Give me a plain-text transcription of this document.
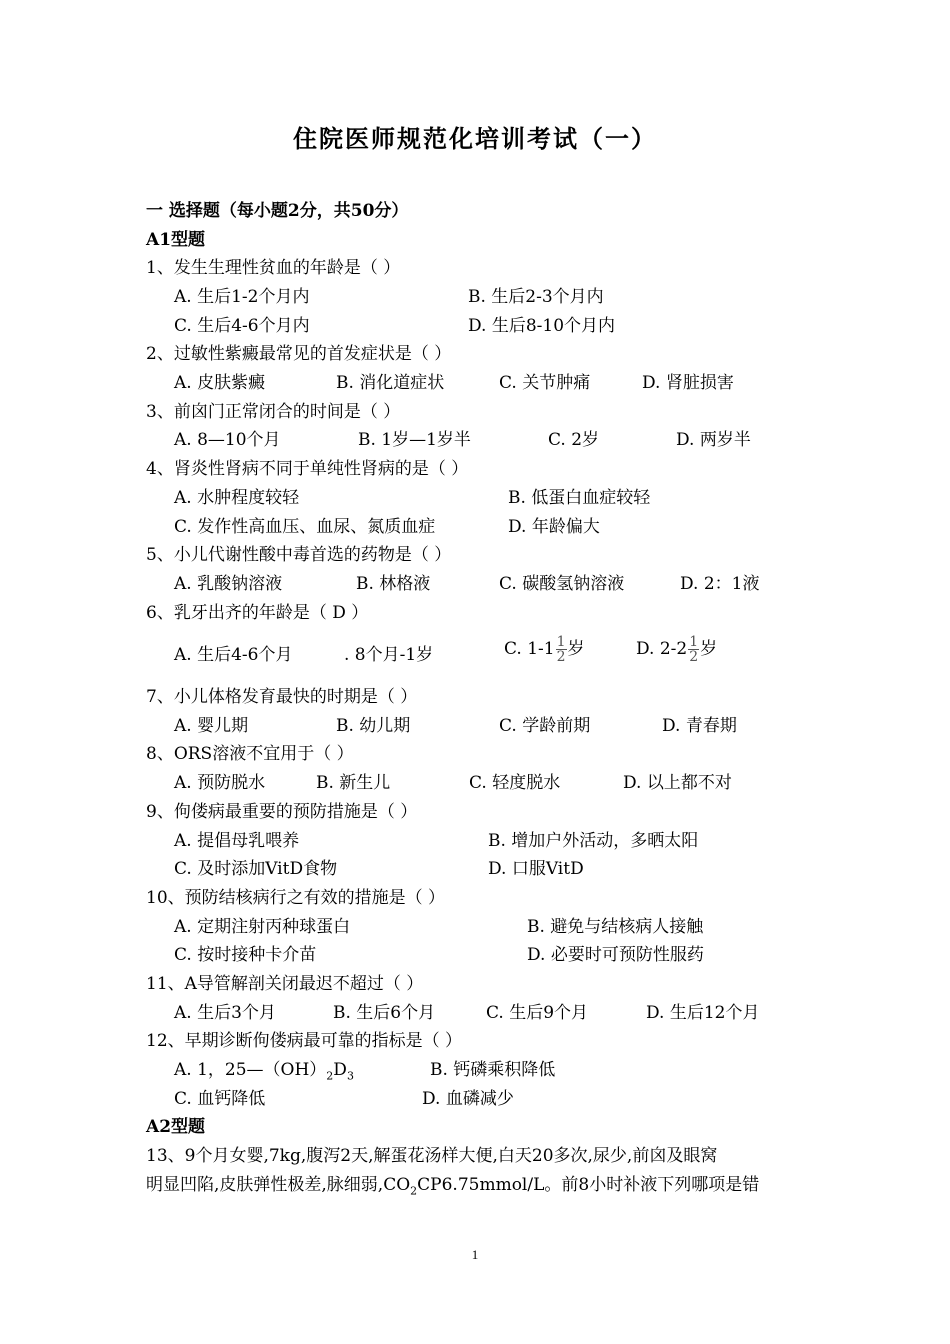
住院医师规范化培训考试（一）
一 选择题（每小题2分，共50分）
A1型题
1、发生生理性贫血的年龄是（ ）
A. 生后1-2个月内	B. 生后2-3个月内
C. 生后4-6个月内	D. 生后8-10个月内
2、过敏性紫癜最常见的首发症状是（ ）
A. 皮肤紫癜	B. 消化道症状	C. 关节肿痛	D. 肾脏损害
3、前囟门正常闭合的时间是（ ）
A. 8—10个月	B. 1岁—1岁半	C. 2岁	D. 两岁半
4、肾炎性肾病不同于单纯性肾病的是（ ）
A. 水肿程度较轻	B. 低蛋白血症较轻
C. 发作性高血压、血尿、氮质血症	D. 年龄偏大
5、小儿代谢性酸中毒首选的药物是（ ）
A. 乳酸钠溶液	B. 林格液	C. 碳酸氢钠溶液	D. 2：1液
6、乳牙出齐的年龄是（ D ）
A. 生后4-6个月	. 8个月-1岁	C. $1-1 \frac{1}{2}$ 岁	D. $2-2 \frac{1}{2}$ 岁
7、小儿体格发育最快的时期是（ ）
A. 婴儿期	B. 幼儿期	C. 学龄前期	D. 青春期
8、ORS溶液不宜用于（ ）
A. 预防脱水	B. 新生儿	C. 轻度脱水	D. 以上都不对
9、佝偻病最重要的预防措施是（ ）
A. 提倡母乳喂养	B. 增加户外活动，多晒太阳
C. 及时添加VitD食物	D. 口服VitD
10、预防结核病行之有效的措施是（ ）
A. 定期注射丙种球蛋白	B. 避免与结核病人接触
C. 按时接种卡介苗	D. 必要时可预防性服药
11、A导管解剖关闭最迟不超过（ ）
A. 生后3个月	B. 生后6个月	C. 生后9个月	D. 生后12个月
12、早期诊断佝偻病最可靠的指标是（ ）
A. 1，$25—(OH)_2D_3$	B. 钙磷乘积降低
C. 血钙降低	D. 血磷减少
A2型题
13、9个月女婴,7kg,腹泻2天,解蛋花汤样大便,白天20多次,尿少,前囟及眼窝
明显凹陷,皮肤弹性极差,脉细弱$,CO_2CP6.75mmol/L$。前8小时补液下列哪项是错
1
